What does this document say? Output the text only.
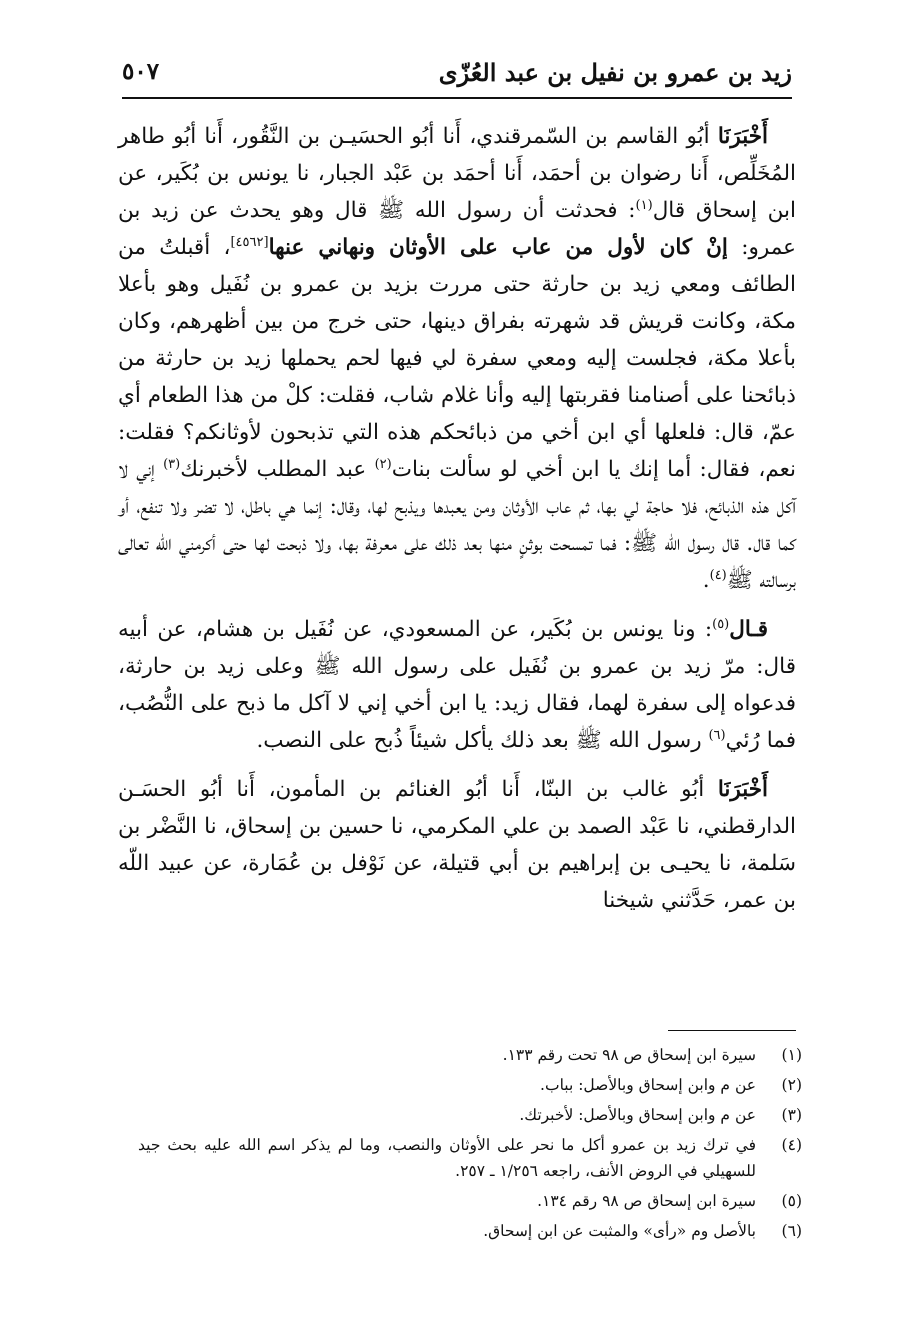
زيد بن عمرو بن نفيل بن عبد العُزّى
٥٠٧

أَخْبَرَنَا أبُو القاسم بن السّمرقندي، أَنا أبُو الحسَيـن بن النَّقُور، أَنا أبُو طاهر المُخَلِّص، أَنا رضوان بن أحمَد، أَنا أحمَد بن عَبْد الجبار، نا يونس بن بُكَير، عن ابن إسحاق قال$^{(١)}$: فحدثت أن رسول الله ﷺ قال وهو يحدث عن زيد بن عمرو: إنْ كان لأول من عاب على الأوثان ونهاني عنها[٤٥٦٢]، أقبلتُ من الطائف ومعي زيد بن حارثة حتى مررت بزيد بن عمرو بن نُفَيل وهو بأعلا مكة، وكانت قريش قد شهرته بفراق دينها، حتى خرج من بين أظهرهم، وكان بأعلا مكة، فجلست إليه ومعي سفرة لي فيها لحم يحملها زيد بن حارثة من ذبائحنا على أصنامنا فقربتها إليه وأنا غلام شاب، فقلت: كلْ من هذا الطعام أي عمّ، قال: فلعلها أي ابن أخي من ذبائحكم هذه التي تذبحون لأوثانكم؟ فقلت: نعم، فقال: أما إنك يا ابن أخي لو سألت بنات$^{(٢)}$ عبد المطلب لأخبرنك$^{(٣)}$ إني لا آكل هذه الذبائح، فلا حاجة لي بها، ثم عاب الأوثان ومن يعبدها ويذبح لها، وقال: إنما هي باطل، لا تضر ولا تنفع، أو كما قال. قال رسول الله ﷺ: فما تمسحت بوثنٍ منها بعد ذلك على معرفة بها، ولا ذبحت لها حتى أكرمني الله تعالى برسالته ﷺ$^{(٤)}$.

قـال$^{(٥)}$: ونا يونس بن بُكَير، عن المسعودي، عن نُفَيل بن هشام، عن أبيه قال: مرّ زيد بن عمرو بن نُفَيل على رسول الله ﷺ وعلى زيد بن حارثة، فدعواه إلى سفرة لهما، فقال زيد: يا ابن أخي إني لا آكل ما ذبح على النُّصُب، فما رُئي$^{(٦)}$ رسول الله ﷺ بعد ذلك يأكل شيئاً ذُبح على النصب.

أَخْبَرَنَا أبُو غالب بن البنّا، أَنا أبُو الغنائم بن المأمون، أَنا أبُو الحسَـن الدارقطني، نا عَبْد الصمد بن علي المكرمي، نا حسين بن إسحاق، نا النَّضْر بن سَلمة، نا يحيـى بن إبراهيم بن أبي قتيلة، عن نَوْفل بن عُمَارة، عن عبيد اللّه بن عمر، حَدَّثني شيخنا

(١)
سيرة ابن إسحاق ص ٩٨ تحت رقم ١٣٣.
(٢)
عن م وابن إسحاق وبالأصل: بباب.
(٣)
عن م وابن إسحاق وبالأصل: لأخبرتك.
(٤)
في ترك زيد بن عمرو أكل ما نحر على الأوثان والنصب، وما لم يذكر اسم الله عليه بحث جيد للسهيلي في الروض الأنف، راجعه ١/٢٥٦ ـ ٢٥٧.
(٥)
سيرة ابن إسحاق ص ٩٨ رقم ١٣٤.
(٦)
بالأصل وم «رأى» والمثبت عن ابن إسحاق.
